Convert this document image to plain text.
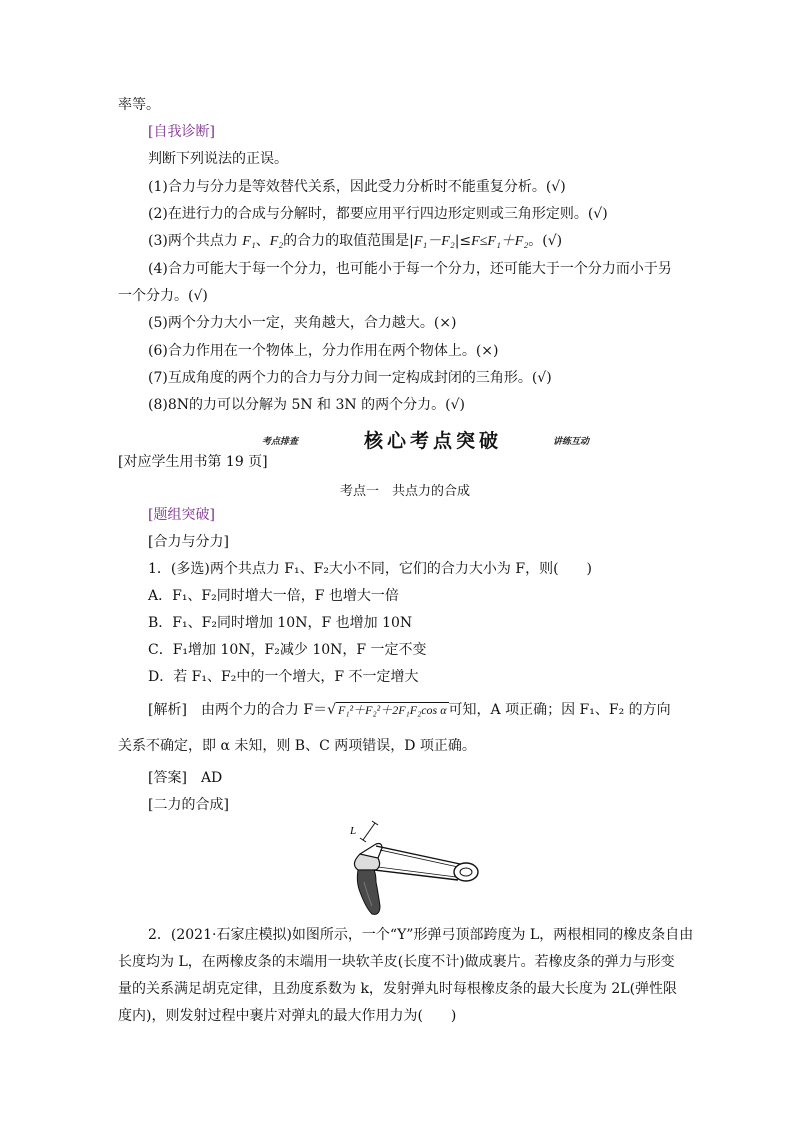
率等。
[自我诊断]
判断下列说法的正误。
(1)合力与分力是等效替代关系，因此受力分析时不能重复分析。(√)
(2)在进行力的合成与分解时，都要应用平行四边形定则或三角形定则。(√)
(3)两个共点力 F₁、F₂的合力的取值范围是|F₁－F₂|≤F≤F₁＋F₂。(√)
(4)合力可能大于每一个分力，也可能小于每一个分力，还可能大于一个分力而小于另
一个分力。(√)
(5)两个分力大小一定，夹角越大，合力越大。(×)
(6)合力作用在一个物体上，分力作用在两个物体上。(×)
(7)互成角度的两个力的合力与分力间一定构成封闭的三角形。(√)
(8)8N的力可以分解为 5N 和 3N 的两个分力。(√)
考点排查	核心考点突破	讲练互动
[对应学生用书第 19 页]
考点一　共点力的合成
[题组突破]
[合力与分力]
1．(多选)两个共点力 F₁、F₂大小不同，它们的合力大小为 F，则(　　)
A．F₁、F₂同时增大一倍，F 也增大一倍
B．F₁、F₂同时增加 10N，F 也增加 10N
C．F₁增加 10N，F₂减少 10N，F 一定不变
D．若 F₁、F₂中的一个增大，F 不一定增大
[解析]　 由两个力的合力 F＝√ F₁²＋F₂²＋2F₁F₂cos α 可知，A 项正确；因 F₁、F₂ 的方向
关系不确定，即 α 未知，则 B、C 两项错误，D 项正确。
[答案]　 AD
[二力的合成]
L
2．(2021·石家庄模拟)如图所示，一个“Y”形弹弓顶部跨度为 L，两根相同的橡皮条自由
长度均为 L，在两橡皮条的末端用一块软羊皮(长度不计)做成裹片。若橡皮条的弹力与形变
量的关系满足胡克定律，且劲度系数为 k，发射弹丸时每根橡皮条的最大长度为 2L(弹性限
度内)，则发射过程中裹片对弹丸的最大作用力为(　　)
